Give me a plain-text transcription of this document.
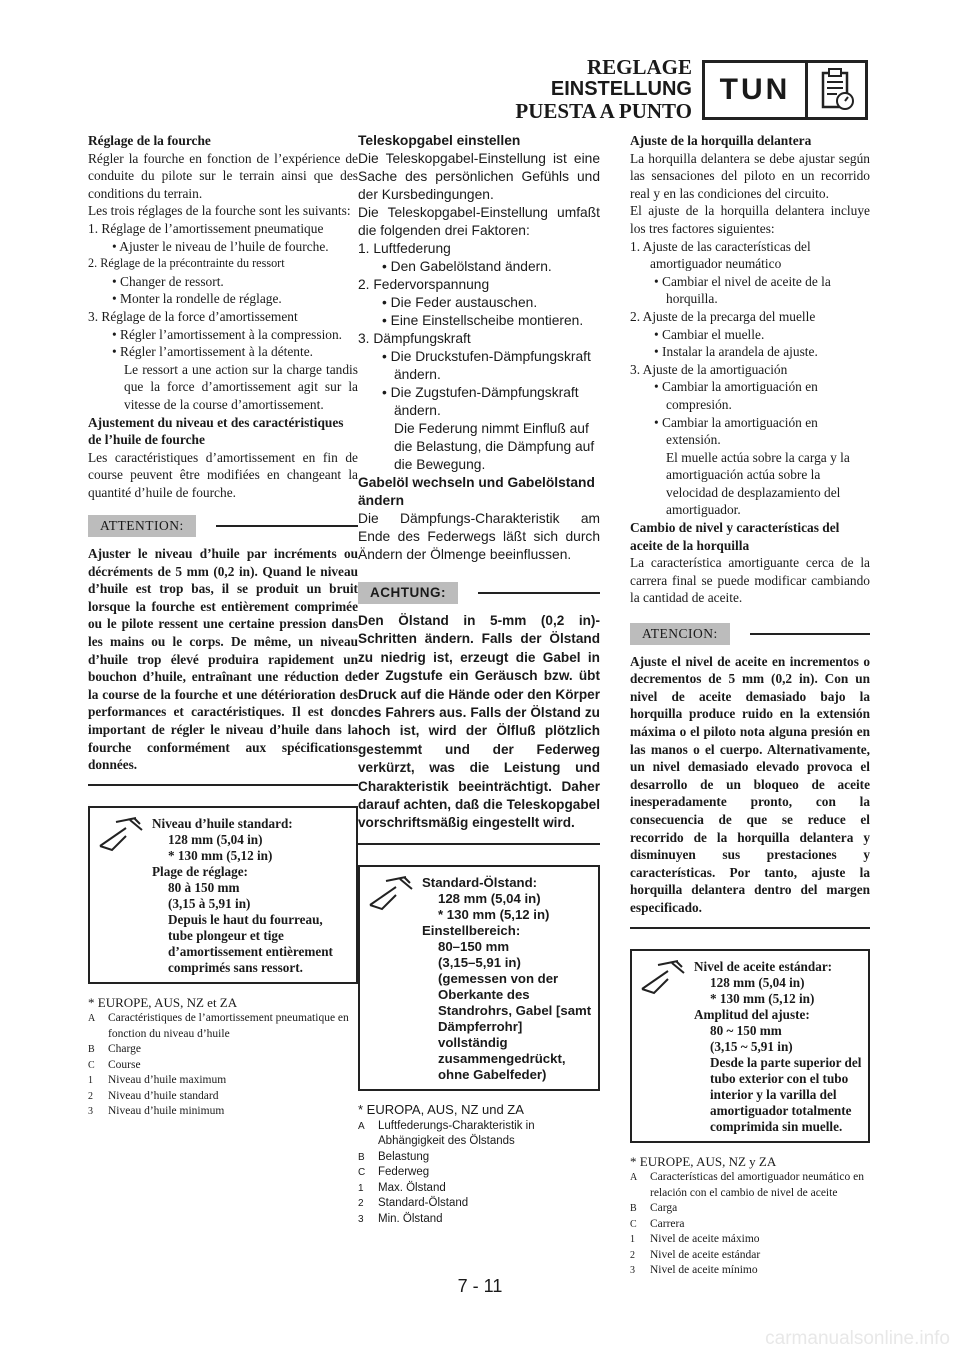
REGLAGE
EINSTELLUNG
PUESTA A PUNTO
TUN

Réglage de la fourche

Régler la fourche en fonction de l’expérience de conduite du pilote sur le terrain ainsi que des conditions du terrain.

Les trois réglages de la fourche sont les suivants:

1. Réglage de l’amortissement pneumatique

• Ajuster le niveau de l’huile de fourche.

2. Réglage de la précontrainte du ressort

• Changer de ressort.

• Monter la rondelle de réglage.

3. Réglage de la force d’amortissement

• Régler l’amortissement à la compression.

• Régler l’amortissement à la détente.

Le ressort a une action sur la charge tandis que la force d’amortissement agit sur la vitesse de la course d’amortissement.

Ajustement du niveau et des caractéristiques de l’huile de fourche

Les caractéristiques d’amortissement en fin de course peuvent être modifiées en changeant la quantité d’huile de fourche.

ATTENTION:

Ajuster le niveau d’huile par incréments ou décréments de 5 mm (0,2 in). Quand le niveau d’huile est trop bas, il se produit un bruit lorsque la fourche est entièrement comprimée ou le pilote ressent une certaine pression dans les mains ou le corps. De même, un niveau d’huile trop élevé produira rapidement un bouchon d’huile, entraînant une réduction de la course de la fourche et une détérioration des performances et caractéristiques. Il est donc important de régler le niveau d’huile dans la fourche conformément aux spécifications données.

Niveau d’huile standard:
128 mm (5,04 in)
* 130 mm (5,12 in)
Plage de réglage:
80 à 150 mm
(3,15 à 5,91 in)
Depuis le haut du fourreau, tube plongeur et tige d’amortissement entièrement comprimés sans ressort.

* EUROPE, AUS, NZ et ZA

A	Caractéristiques de l’amortissement pneumatique en fonction du niveau d’huile
B	Charge
C	Course
1	Niveau d’huile maximum
2	Niveau d’huile standard
3	Niveau d’huile minimum

Teleskopgabel einstellen

Die Teleskopgabel-Einstellung ist eine Sache des persönlichen Gefühls und der Kursbedingungen.

Die Teleskopgabel-Einstellung umfaßt die folgenden drei Faktoren:

1. Luftfederung

• Den Gabelölstand ändern.

2. Federvorspannung

• Die Feder austauschen.

• Eine Einstellscheibe montieren.

3. Dämpfungskraft

• Die Druckstufen-Dämpfungskraft ändern.

• Die Zugstufen-Dämpfungskraft ändern.

Die Federung nimmt Einfluß auf die Belastung, die Dämpfung auf die Bewegung.

Gabelöl wechseln und Gabelölstand ändern

Die Dämpfungs-Charakteristik am Ende des Federwegs läßt sich durch Ändern der Ölmenge beeinflussen.

ACHTUNG:

Den Ölstand in 5-mm (0,2 in)-Schritten ändern. Falls der Ölstand zu niedrig ist, erzeugt die Gabel in der Zugstufe ein Geräusch bzw. übt Druck auf die Hände oder den Körper des Fahrers aus. Falls der Ölstand zu hoch ist, wird der Ölfluß plötzlich gestemmt und der Federweg verkürzt, was die Leistung und Charakteristik beeinträchtigt. Daher darauf achten, daß die Teleskopgabel vorschriftsmäßig eingestellt wird.

Standard-Ölstand:
128 mm (5,04 in)
* 130 mm (5,12 in)
Einstellbereich:
80–150 mm
(3,15–5,91 in)
(gemessen von der Oberkante des Standrohrs, Gabel [samt Dämpferrohr] vollständig zusammengedrückt, ohne Gabelfeder)

* EUROPA, AUS, NZ und ZA

A	Luftfederungs-Charakteristik in Abhängigkeit des Ölstands
B	Belastung
C	Federweg
1	Max. Ölstand
2	Standard-Ölstand
3	Min. Ölstand

Ajuste de la horquilla delantera

La horquilla delantera se debe ajustar según las sensaciones del piloto en un recorrido real y en las condiciones del circuito.

El ajuste de la horquilla delantera incluye los tres factores siguientes:

1. Ajuste de las características del amortiguador neumático

• Cambiar el nivel de aceite de la horquilla.

2. Ajuste de la precarga del muelle

• Cambiar el muelle.

• Instalar la arandela de ajuste.

3. Ajuste de la amortiguación

• Cambiar la amortiguación en compresión.

• Cambiar la amortiguación en extensión.

El muelle actúa sobre la carga y la amortiguación actúa sobre la velocidad de desplazamiento del amortiguador.

Cambio de nivel y características del aceite de la horquilla

La característica amortiguante cerca de la carrera final se puede modificar cambiando la cantidad de aceite.

ATENCION:

Ajuste el nivel de aceite en incrementos o decrementos de 5 mm (0,2 in). Con un nivel de aceite demasiado bajo la horquilla produce ruido en la extensión máxima o el piloto nota alguna presión en las manos o el cuerpo. Alternativamente, un nivel demasiado elevado provoca el desarrollo de un bloqueo de aceite inesperadamente pronto, con la consecuencia de que se reduce el recorrido de la horquilla delantera y disminuyen sus prestaciones y características. Por tanto, ajuste la horquilla delantera dentro del margen especificado.

Nivel de aceite estándar:
128 mm (5,04 in)
* 130 mm (5,12 in)
Amplitud del ajuste:
80 ~ 150 mm
(3,15 ~ 5,91 in)
Desde la parte superior del tubo exterior con el tubo interior y la varilla del amortiguador totalmente comprimida sin muelle.

* EUROPE, AUS, NZ y ZA

A	Características del amortiguador neumático en relación con el cambio de nivel de aceite
B	Carga
C	Carrera
1	Nivel de aceite máximo
2	Nivel de aceite estándar
3	Nivel de aceite mínimo
7 - 11
carmanualsonline.info
